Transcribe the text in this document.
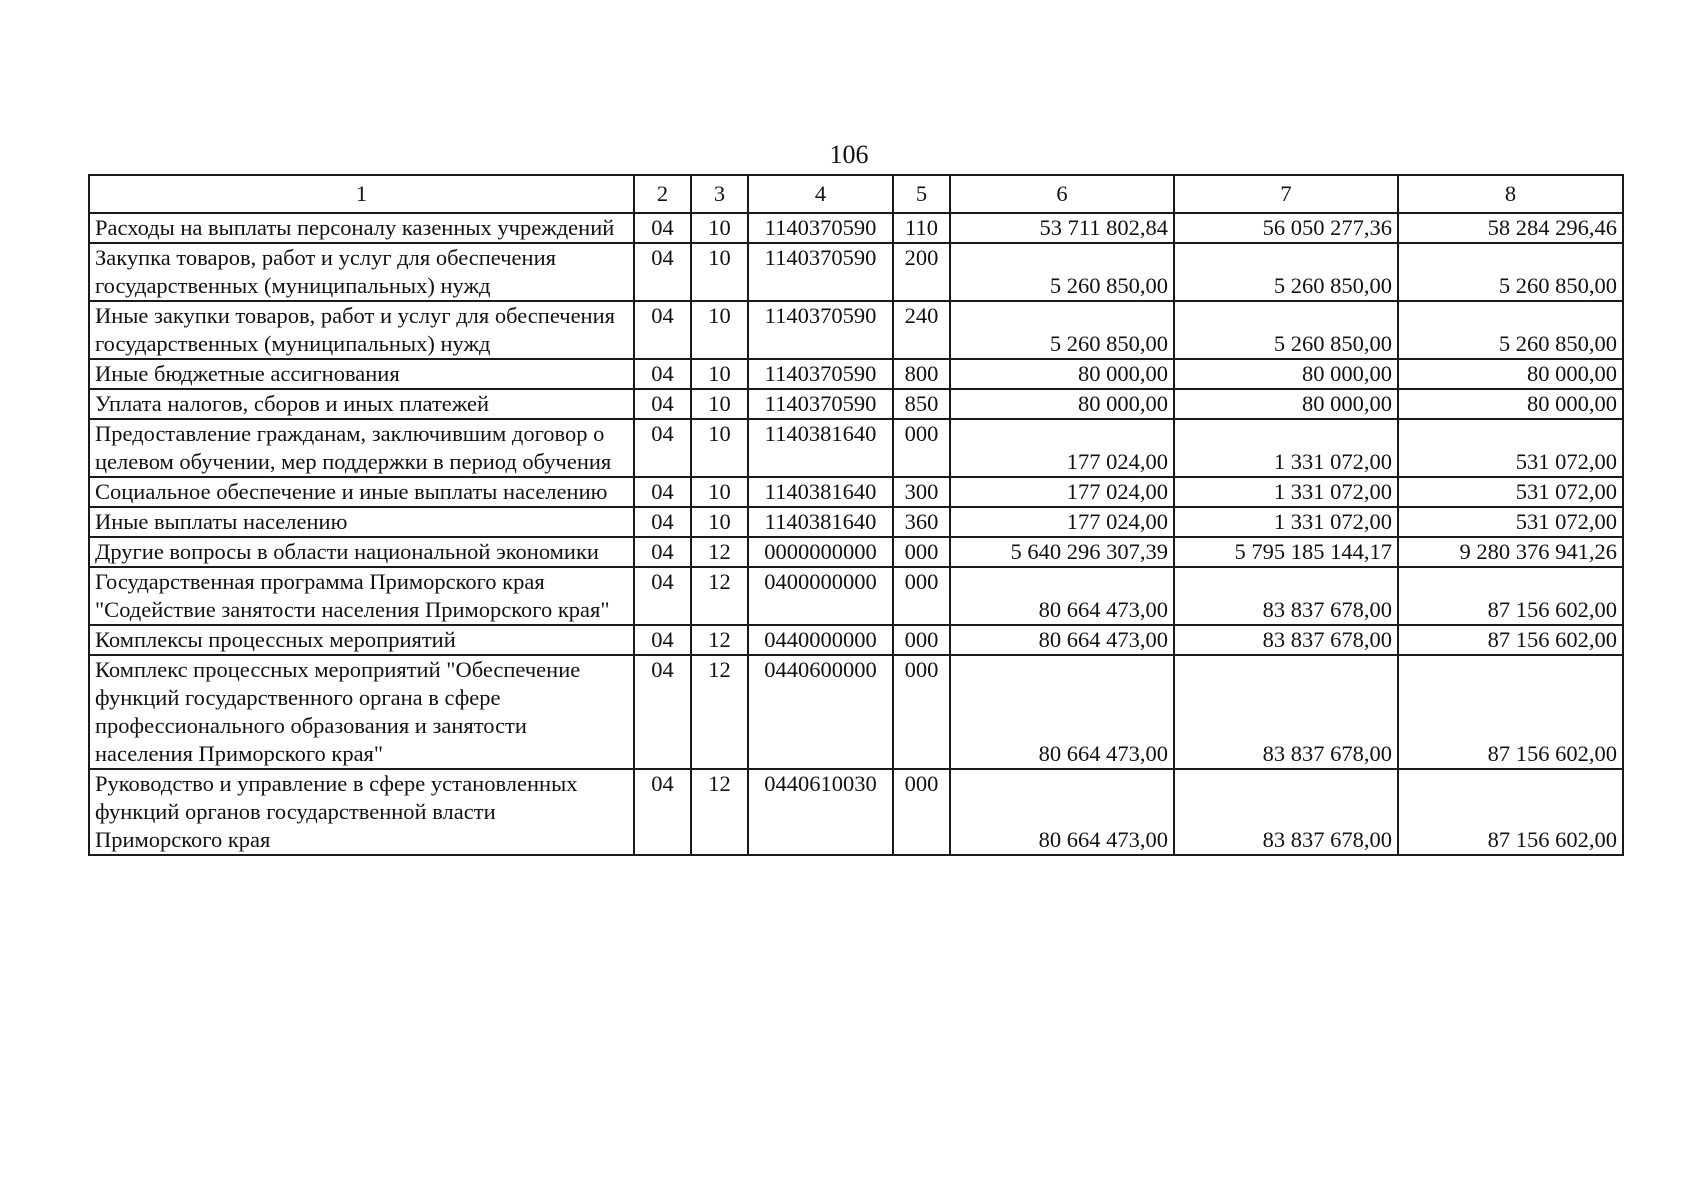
106
1	2	3	4	5	6	7	8
Расходы на выплаты персоналу казенных учреждений	04	10	1140370590	110	53 711 802,84	56 050 277,36	58 284 296,46
Закупка товаров, работ и услуг для обеспечения государственных (муниципальных) нужд	04	10	1140370590	200	5 260 850,00	5 260 850,00	5 260 850,00
Иные закупки товаров, работ и услуг для обеспечения государственных (муниципальных) нужд	04	10	1140370590	240	5 260 850,00	5 260 850,00	5 260 850,00
Иные бюджетные ассигнования	04	10	1140370590	800	80 000,00	80 000,00	80 000,00
Уплата налогов, сборов и иных платежей	04	10	1140370590	850	80 000,00	80 000,00	80 000,00
Предоставление гражданам, заключившим договор о целевом обучении, мер поддержки в период обучения	04	10	1140381640	000	177 024,00	1 331 072,00	531 072,00
Социальное обеспечение и иные выплаты населению	04	10	1140381640	300	177 024,00	1 331 072,00	531 072,00
Иные выплаты населению	04	10	1140381640	360	177 024,00	1 331 072,00	531 072,00
Другие вопросы в области национальной экономики	04	12	0000000000	000	5 640 296 307,39	5 795 185 144,17	9 280 376 941,26
Государственная программа Приморского края "Содействие занятости населения Приморского края"	04	12	0400000000	000	80 664 473,00	83 837 678,00	87 156 602,00
Комплексы процессных мероприятий	04	12	0440000000	000	80 664 473,00	83 837 678,00	87 156 602,00
Комплекс процессных мероприятий "Обеспечение функций государственного органа в сфере профессионального образования и занятости населения Приморского края"	04	12	0440600000	000	80 664 473,00	83 837 678,00	87 156 602,00
Руководство и управление в сфере установленных функций органов государственной власти Приморского края	04	12	0440610030	000	80 664 473,00	83 837 678,00	87 156 602,00
